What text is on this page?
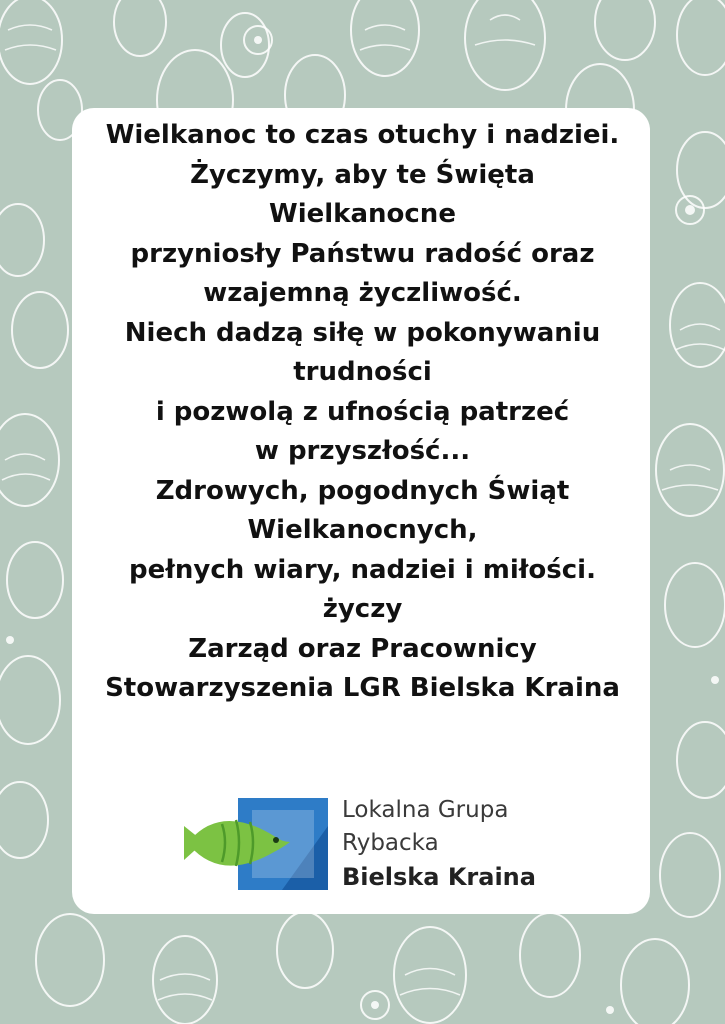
Wielkanoc to czas otuchy i nadziei.
Życzymy, aby te Święta
Wielkanocne
przyniosły Państwu radość oraz
wzajemną życzliwość.
Niech dadzą siłę w pokonywaniu
trudności
i pozwolą z ufnością patrzeć
w przyszłość...
Zdrowych, pogodnych Świąt
Wielkanocnych,
pełnych wiary, nadziei i miłości.
życzy
Zarząd oraz Pracownicy
Stowarzyszenia LGR Bielska Kraina
Lokalna Grupa
Rybacka
Bielska Kraina
